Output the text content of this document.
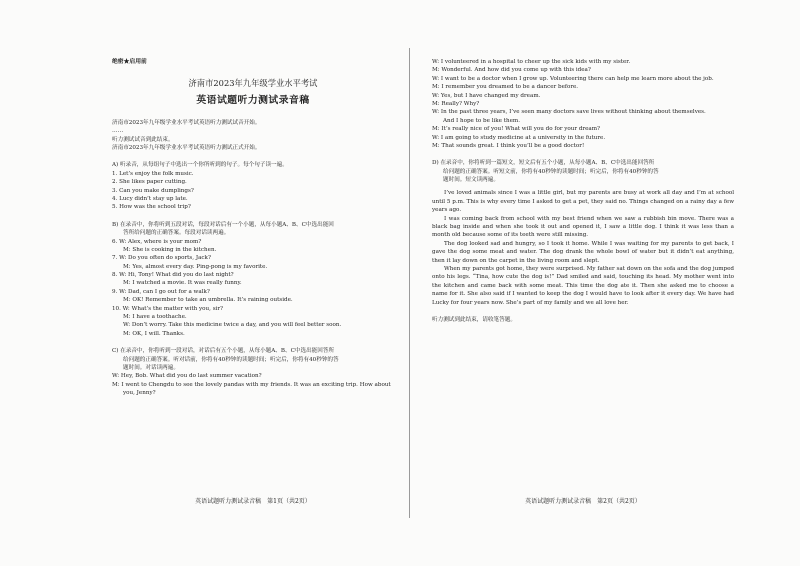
绝密★启用前
济南市2023年九年级学业水平考试
英语试题听力测试录音稿
济南市2023年九年级学业水平考试英语听力测试试音开始。
……
听力测试试音到此结束。
济南市2023年九年级学业水平考试英语听力测试正式开始。
A) 听录音，从每组句子中选出一个你所听到的句子。每个句子读一遍。
1. Let’s enjoy the folk music.
2. She likes paper cutting.
3. Can you make dumplings?
4. Lucy didn’t stay up late.
5. How was the school trip?
B) 在录音中，你将听到五段对话，每段对话后有一个小题，从每小题A、B、C中选出能回
答所给问题的正确答案。每段对话读两遍。
6. W: Alex, where is your mom?
M: She is cooking in the kitchen.
7. W: Do you often do sports, Jack?
M: Yes, almost every day. Ping-pong is my favorite.
8. W: Hi, Tony! What did you do last night?
M: I watched a movie. It was really funny.
9. W: Dad, can I go out for a walk?
M: OK! Remember to take an umbrella. It’s raining outside.
10. W: What’s the matter with you, sir?
M: I have a toothache.
W: Don’t worry. Take this medicine twice a day, and you will feel better soon.
M: OK, I will. Thanks.
C) 在录音中，你将听到一段对话，对话后有五个小题，从每小题A、B、C中选出能回答所
给问题的正确答案。听对话前，你将有40秒钟的读题时间；听完后，你将有40秒钟的答
题时间。对话读两遍。
W: Hey, Bob. What did you do last summer vacation?
M: I went to Chengdu to see the lovely pandas with my friends. It was an exciting trip. How about
you, Jenny?
W: I volunteered in a hospital to cheer up the sick kids with my sister.
M: Wonderful. And how did you come up with this idea?
W: I want to be a doctor when I grow up. Volunteering there can help me learn more about the job.
M: I remember you dreamed to be a dancer before.
W: Yes, but I have changed my dream.
M: Really? Why?
W: In the past three years, I’ve seen many doctors save lives without thinking about themselves.
And I hope to be like them.
M: It’s really nice of you! What will you do for your dream?
W: I am going to study medicine at a university in the future.
M: That sounds great. I think you’ll be a good doctor!
D) 在录音中，你将听到一篇短文，短文后有五个小题，从每小题A、B、C中选出能回答所
给问题的正确答案。听短文前，你将有40秒钟的读题时间；听完后，你将有40秒钟的答
题时间。短文读两遍。
I’ve loved animals since I was a little girl, but my parents are busy at work all day and I’m at school until 5 p.m. This is why every time I asked to get a pet, they said no. Things changed on a rainy day a few years ago.
I was coming back from school with my best friend when we saw a rubbish bin move. There was a black bag inside and when she took it out and opened it, I saw a little dog. I think it was less than a month old because some of its teeth were still missing.
The dog looked sad and hungry, so I took it home. While I was waiting for my parents to get back, I gave the dog some meat and water. The dog drank the whole bowl of water but it didn’t eat anything, then it lay down on the carpet in the living room and slept.
When my parents got home, they were surprised. My father sat down on the sofa and the dog jumped onto his legs. “Tina, how cute the dog is!” Dad smiled and said, touching its head. My mother went into the kitchen and came back with some meat. This time the dog ate it. Then she asked me to choose a name for it. She also said if I wanted to keep the dog I would have to look after it every day. We have had Lucky for four years now. She’s part of my family and we all love her.
听力测试到此结束，请收笔答题。
英语试题听力测试录音稿　第1页（共2页）	英语试题听力测试录音稿　第2页（共2页）
